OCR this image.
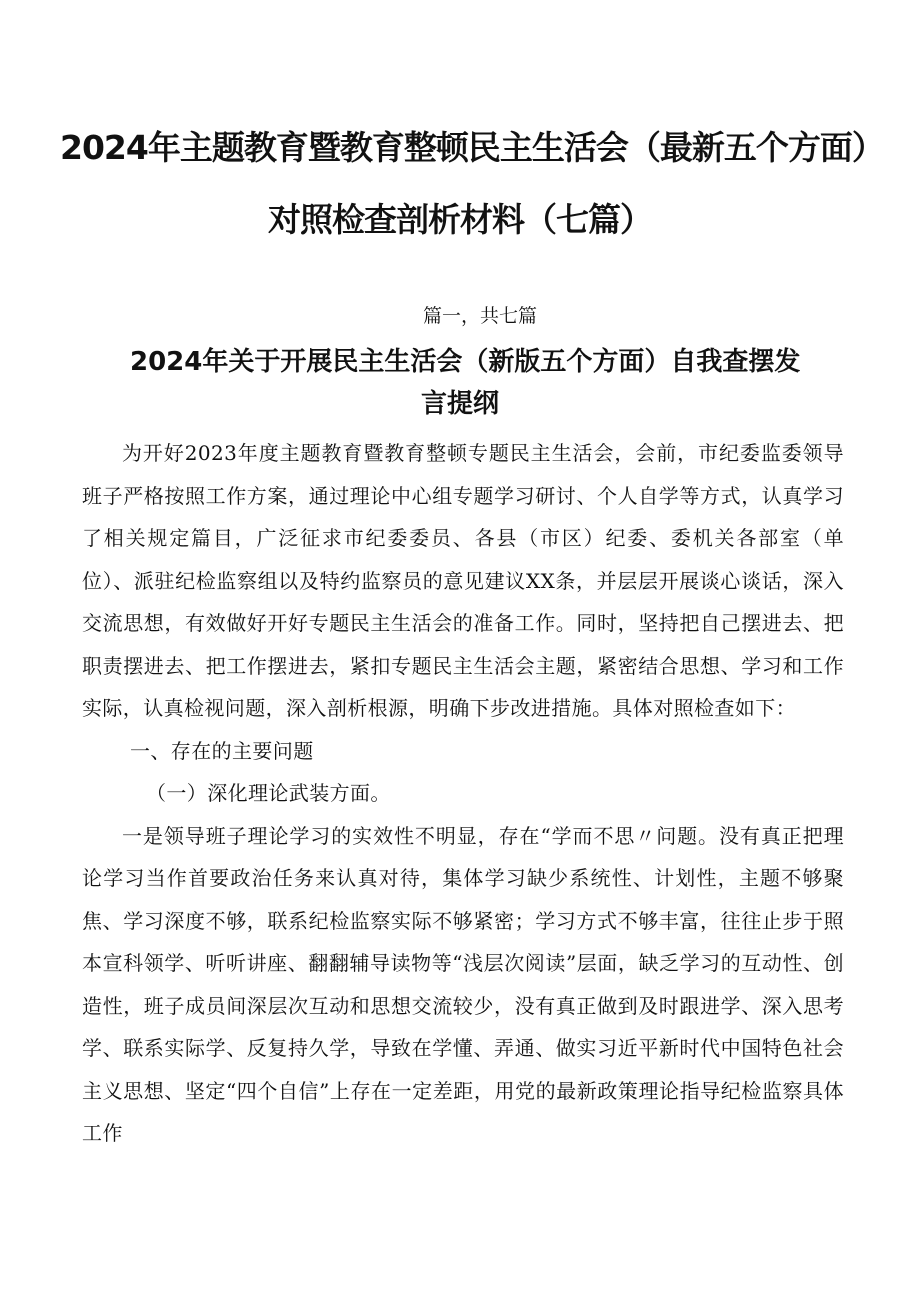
2024年主题教育暨教育整顿民主生活会（最新五个方面）
对照检查剖析材料（七篇）
篇一，共七篇
2024年关于开展民主生活会（新版五个方面）自我查摆发
言提纲

为开好2023年度主题教育暨教育整顿专题民主生活会，会前，市纪委监委领导班子严格按照工作方案，通过理论中心组专题学习研讨、个人自学等方式，认真学习了相关规定篇目，广泛征求市纪委委员、各县（市区）纪委、委机关各部室（单位）、派驻纪检监察组以及特约监察员的意见建议XX条，并层层开展谈心谈话，深入交流思想，有效做好开好专题民主生活会的准备工作。同时，坚持把自己摆进去、把职责摆进去、把工作摆进去，紧扣专题民主生活会主题，紧密结合思想、学习和工作实际，认真检视问题，深入剖析根源，明确下步改进措施。具体对照检查如下：

一、存在的主要问题

（一）深化理论武装方面。

一是领导班子理论学习的实效性不明显，存在“学而不思〃问题。没有真正把理论学习当作首要政治任务来认真对待，集体学习缺少系统性、计划性，主题不够聚焦、学习深度不够，联系纪检监察实际不够紧密；学习方式不够丰富，往往止步于照本宣科领学、听听讲座、翻翻辅导读物等“浅层次阅读”层面，缺乏学习的互动性、创造性，班子成员间深层次互动和思想交流较少，没有真正做到及时跟进学、深入思考学、联系实际学、反复持久学，导致在学懂、弄通、做实习近平新时代中国特色社会主义思想、坚定“四个自信”上存在一定差距，用党的最新政策理论指导纪检监察具体工作
